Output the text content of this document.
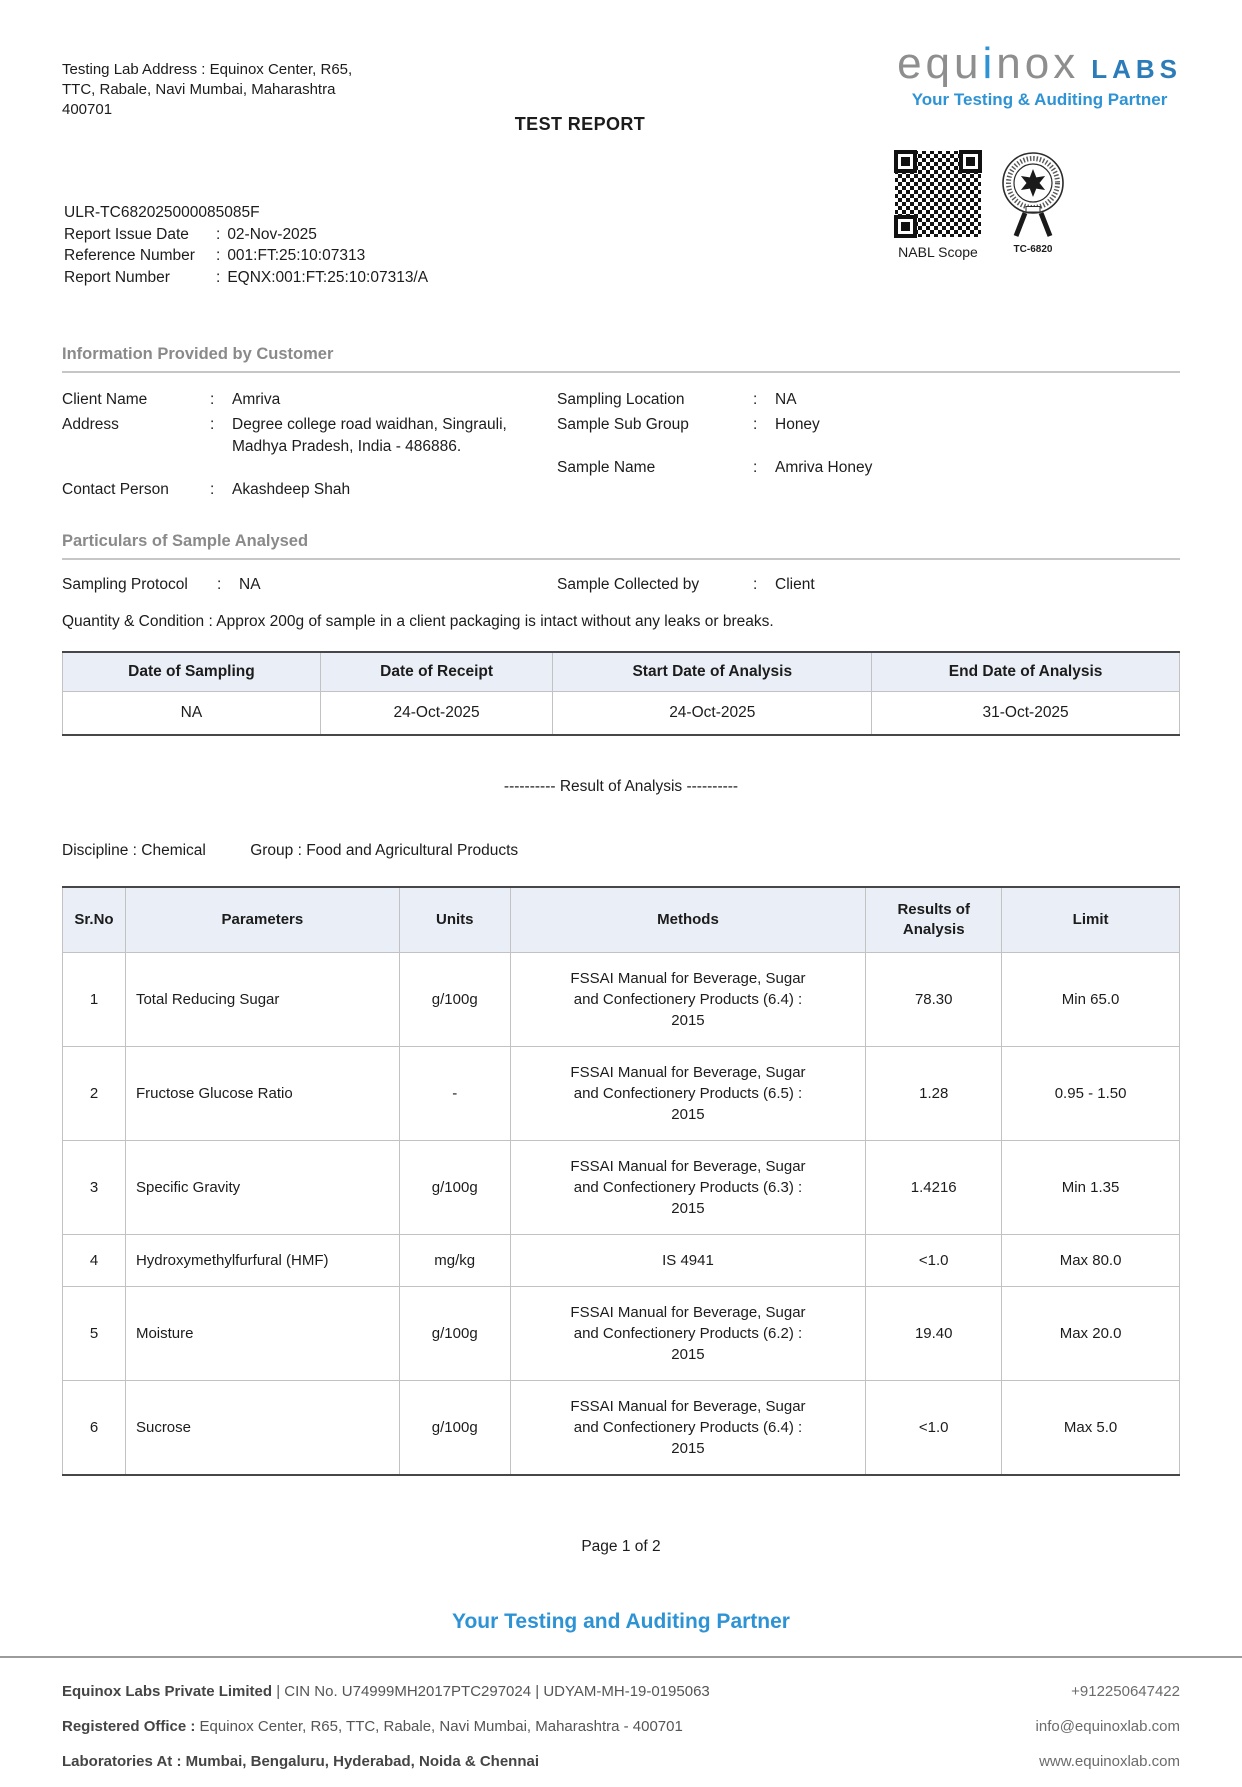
Testing Lab Address : Equinox Center, R65, TTC, Rabale, Navi Mumbai, Maharashtra 400701
TEST REPORT
equ i nox LABS
Your Testing & Auditing Partner
ULR-TC682025000085085F
Report Issue Date : 02-Nov-2025
Reference Number : 001:FT:25:10:07313
Report Number	: EQNX:001:FT:25:10:07313/A
NABL Scope	TC-6820
Information Provided by Customer
Client Name	:	Amriva
Address	:	Degree college road waidhan, Singrauli, Madhya Pradesh, India - 486886.
Contact Person	:	Akashdeep Shah
Sampling Location	:	NA
Sample Sub Group	:	Honey
Sample Name	:	Amriva Honey
Particulars of Sample Analysed
Sampling Protocol	:	NA	Sample Collected by	:	Client
Quantity & Condition : Approx 200g of sample in a client packaging is intact without any leaks or breaks.
Date of Sampling	Date of Receipt	Start Date of Analysis	End Date of Analysis
NA	24-Oct-2025	24-Oct-2025	31-Oct-2025
---------- Result of Analysis ----------
Discipline : Chemical	Group : Food and Agricultural Products
Sr.No	Parameters	Units	Methods	Results of Analysis	Limit
1	Total Reducing Sugar	g/100g	FSSAI Manual for Beverage, Sugar and Confectionery Products (6.4) : 2015	78.30	Min 65.0
2	Fructose Glucose Ratio	-	FSSAI Manual for Beverage, Sugar and Confectionery Products (6.5) : 2015	1.28	0.95 - 1.50
3	Specific Gravity	g/100g	FSSAI Manual for Beverage, Sugar and Confectionery Products (6.3) : 2015	1.4216	Min 1.35
4	Hydroxymethylfurfural (HMF)	mg/kg	IS 4941	<1.0	Max 80.0
5	Moisture	g/100g	FSSAI Manual for Beverage, Sugar and Confectionery Products (6.2) : 2015	19.40	Max 20.0
6	Sucrose	g/100g	FSSAI Manual for Beverage, Sugar and Confectionery Products (6.4) : 2015	<1.0	Max 5.0
Page 1 of 2
Your Testing and Auditing Partner
Equinox Labs Private Limited | CIN No. U74999MH2017PTC297024 | UDYAM-MH-19-0195063
Registered Office : Equinox Center, R65, TTC, Rabale, Navi Mumbai, Maharashtra - 400701
Laboratories At : Mumbai, Bengaluru, Hyderabad, Noida & Chennai
+912250647422
info@equinoxlab.com
www.equinoxlab.com
